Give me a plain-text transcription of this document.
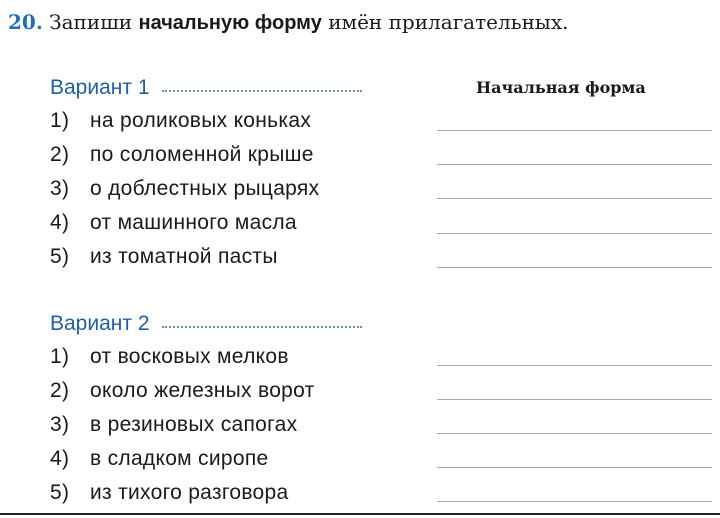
20. Запиши начальную форму имён прилагательных.
Начальная форма
Вариант 1
1) на роликовых коньках
2) по соломенной крыше
3) о доблестных рыцарях
4) от машинного масла
5) из томатной пасты
Вариант 2
1) от восковых мелков
2) около железных ворот
3) в резиновых сапогах
4) в сладком сиропе
5) из тихого разговора
